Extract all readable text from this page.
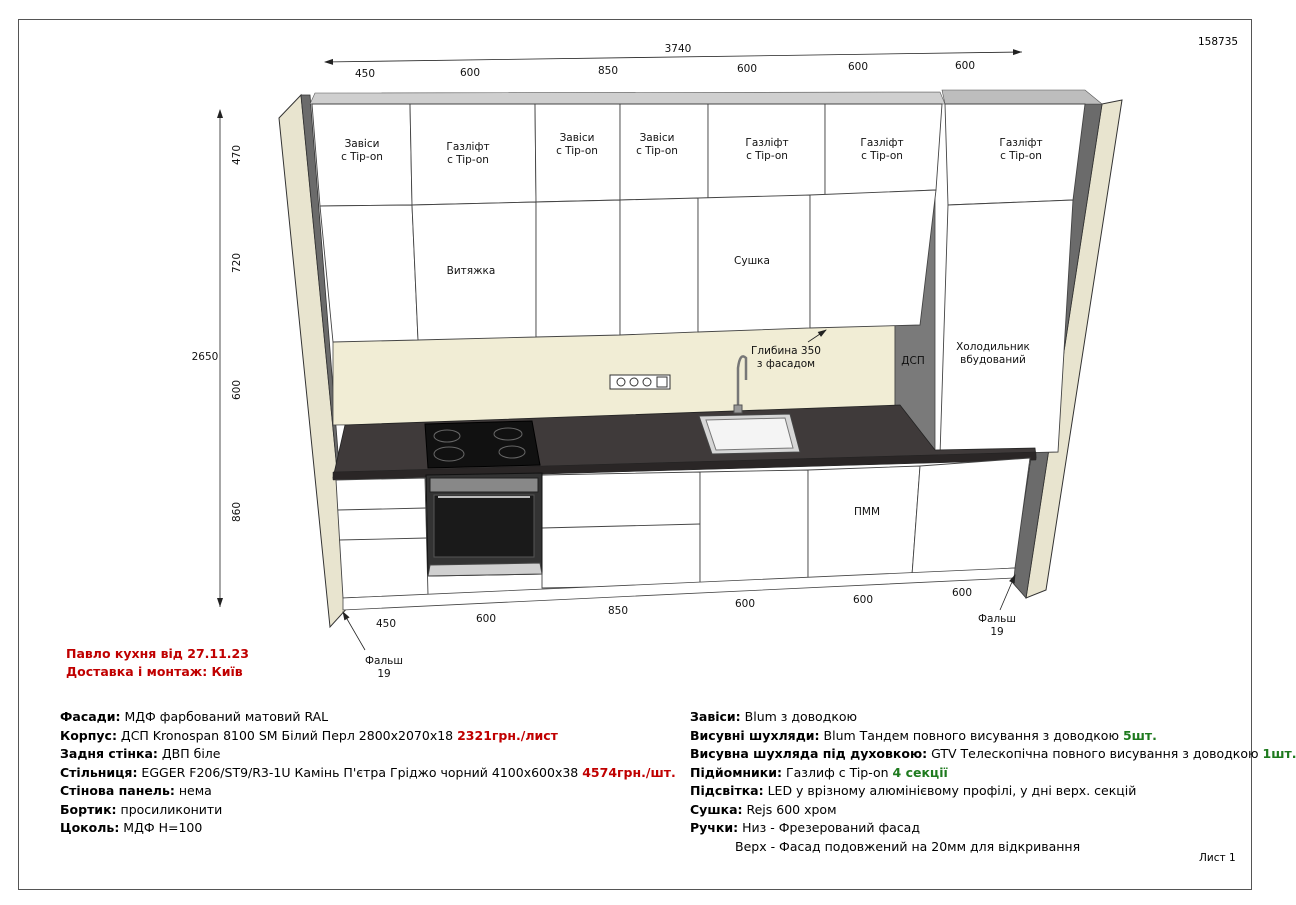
3740
450	600	850	600	600	600
450	600
850
600	600
600
2650
470
720
600
860
Завіси с Tip-on
Газліфт с Tip-on
Завіси с Tip-on
Завіси с Tip-on
Газліфт с Tip-on
Газліфт с Tip-on
Газліфт с Tip-on
Витяжка
Сушка
Глибина 350 з фасадом	ДСП
Холодильник вбудований
ПММ
Фальш 19
Фальш 19
158735
Лист 1
Павло кухня від 27.11.23
Доставка і монтаж: Київ
Фасади: МДФ фарбований матовий RAL
Корпус: ДСП Kronospan 8100 SM Білий Перл 2800х2070х18 2321грн./лист
Задня стінка: ДВП біле
Стільниця: EGGER F206/ST9/R3-1U Камінь П'єтра Гріджо чорний 4100х600х38 4574грн./шт.
Стінова панель: нема
Бортик: просиликонити
Цоколь: МДФ Н=100
Завіси: Blum з доводкою
Висувні шухляди: Blum Тандем повного висування з доводкою 5шт.
Висувна шухляда під духовкою: GTV Телескопічна повного висування з доводкою 1шт.
Підйомники: Газлиф с Tip-on 4 секції
Підсвітка: LED у врізному алюмінієвому профілі, у дні верх. секцій
Сушка: Rejs 600 хром
Ручки: Низ - Фрезерований фасад
Верх - Фасад подовжений на 20мм для відкривання
